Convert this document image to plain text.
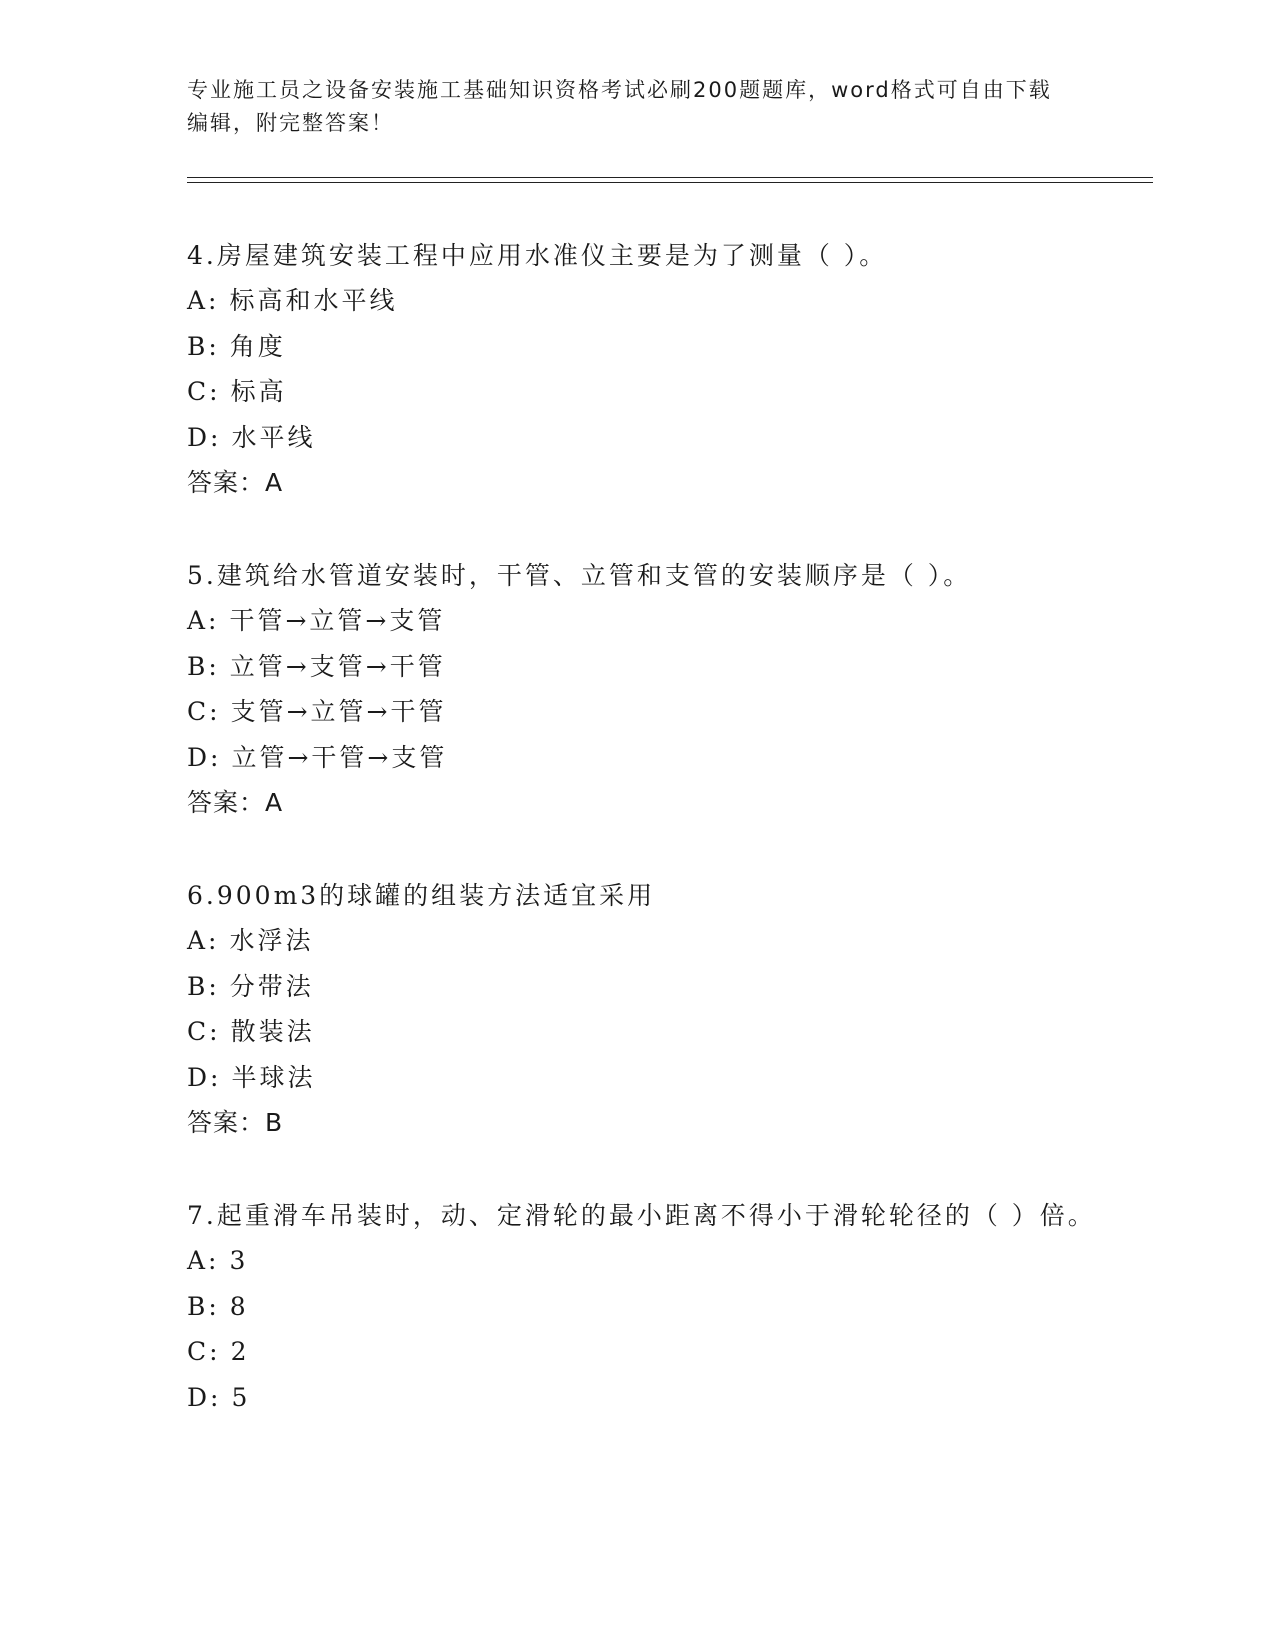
专业施工员之设备安装施工基础知识资格考试必刷200题题库，word格式可自由下载编辑，附完整答案！

4.房屋建筑安装工程中应用水准仪主要是为了测量（ ）。

A: 标高和水平线

B: 角度

C: 标高

D: 水平线

答案：A

5.建筑给水管道安装时，干管、立管和支管的安装顺序是（ ）。

A: 干管→立管→支管

B: 立管→支管→干管

C: 支管→立管→干管

D: 立管→干管→支管

答案：A

6.900m3的球罐的组装方法适宜采用

A: 水浮法

B: 分带法

C: 散装法

D: 半球法

答案：B

7.起重滑车吊装时，动、定滑轮的最小距离不得小于滑轮轮径的（ ）倍。

A: 3

B: 8

C: 2

D: 5
